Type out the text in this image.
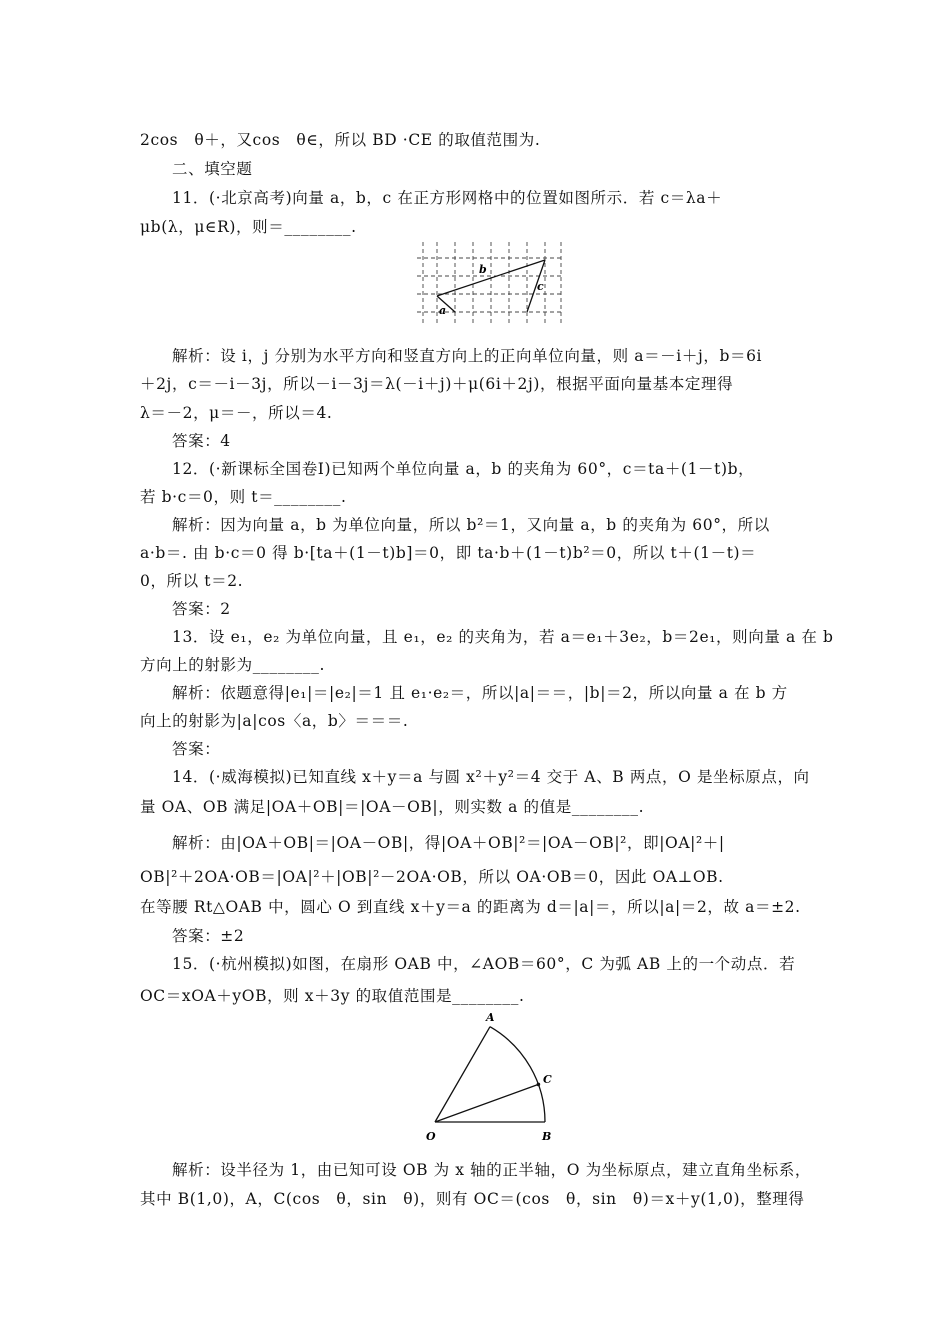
2cos　θ＋，又cos　θ∈，所以 BD ·CE 的取值范围为.
二、填空题
11．(·北京高考)向量 a，b，c 在正方形网格中的位置如图所示．若 c＝λa＋
μb(λ，μ∈R)，则＝________.
a
b
c
解析：设 i，j 分别为水平方向和竖直方向上的正向单位向量，则 a＝－i＋j，b＝6i
＋2j，c＝－i－3j，所以－i－3j＝λ(－i＋j)＋μ(6i＋2j)，根据平面向量基本定理得
λ＝－2，μ＝－，所以＝4.
答案：4
12．(·新课标全国卷Ⅰ)已知两个单位向量 a，b 的夹角为 60°，c＝ta＋(1－t)b，
若 b·c＝0，则 t＝________.
解析：因为向量 a，b 为单位向量，所以 b²＝1，又向量 a，b 的夹角为 60°，所以
a·b＝. 由 b·c＝0 得 b·[ta＋(1－t)b]＝0，即 ta·b＋(1－t)b²＝0，所以 t＋(1－t)＝
0，所以 t＝2.
答案：2
13．设 e₁，e₂ 为单位向量，且 e₁，e₂ 的夹角为，若 a＝e₁＋3e₂，b＝2e₁，则向量 a 在 b
方向上的射影为________.
解析：依题意得|e₁|＝|e₂|＝1 且 e₁·e₂＝，所以|a|＝＝，|b|＝2，所以向量 a 在 b 方
向上的射影为|a|cos〈a，b〉＝＝＝.
答案：
14．(·威海模拟)已知直线 x＋y＝a 与圆 x²＋y²＝4 交于 A、B 两点，O 是坐标原点，向
量 OA、OB 满足|OA＋OB|＝|OA－OB|，则实数 a 的值是________.
解析：由|OA＋OB|＝|OA－OB|，得|OA＋OB|²＝|OA－OB|²，即|OA|²＋|
OB|²＋2OA·OB＝|OA|²＋|OB|²－2OA·OB，所以 OA·OB＝0，因此 OA⊥OB.
在等腰 Rt△OAB 中，圆心 O 到直线 x＋y＝a 的距离为 d＝|a|＝，所以|a|＝2，故 a＝±2.
答案：±2
15．(·杭州模拟)如图，在扇形 OAB 中，∠AOB＝60°，C 为弧 AB 上的一个动点．若
OC＝xOA＋yOB，则 x＋3y 的取值范围是________.
A
B
C
O
解析：设半径为 1，由已知可设 OB 为 x 轴的正半轴，O 为坐标原点，建立直角坐标系，
其中 B(1,0)，A，C(cos　θ，sin　θ)，则有 OC＝(cos　θ，sin　θ)＝x＋y(1,0)，整理得
